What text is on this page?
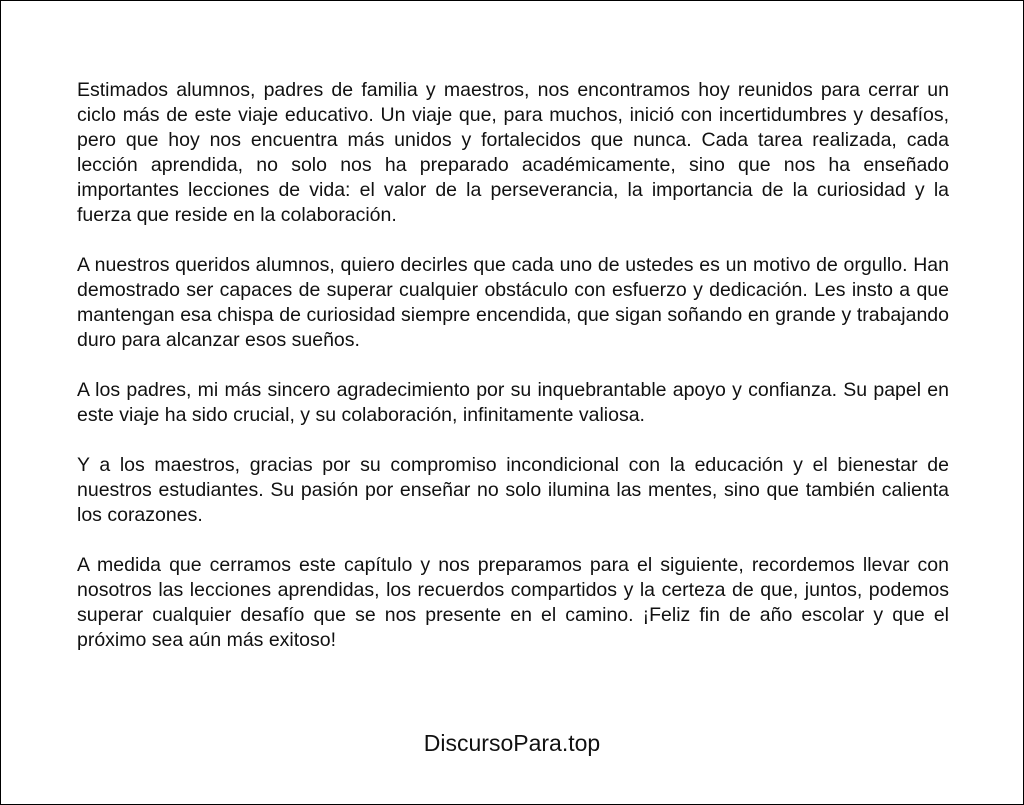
Estimados alumnos, padres de familia y maestros, nos encontramos hoy reunidos para cerrar un ciclo más de este viaje educativo. Un viaje que, para muchos, inició con incertidumbres y desafíos, pero que hoy nos encuentra más unidos y fortalecidos que nunca. Cada tarea realizada, cada lección aprendida, no solo nos ha preparado académicamente, sino que nos ha enseñado importantes lecciones de vida: el valor de la perseverancia, la importancia de la curiosidad y la fuerza que reside en la colaboración.

A nuestros queridos alumnos, quiero decirles que cada uno de ustedes es un motivo de orgullo. Han demostrado ser capaces de superar cualquier obstáculo con esfuerzo y dedicación. Les insto a que mantengan esa chispa de curiosidad siempre encendida, que sigan soñando en grande y trabajando duro para alcanzar esos sueños.

A los padres, mi más sincero agradecimiento por su inquebrantable apoyo y confianza. Su papel en este viaje ha sido crucial, y su colaboración, infinitamente valiosa.

Y a los maestros, gracias por su compromiso incondicional con la educación y el bienestar de nuestros estudiantes. Su pasión por enseñar no solo ilumina las mentes, sino que también calienta los corazones.

A medida que cerramos este capítulo y nos preparamos para el siguiente, recordemos llevar con nosotros las lecciones aprendidas, los recuerdos compartidos y la certeza de que, juntos, podemos superar cualquier desafío que se nos presente en el camino. ¡Feliz fin de año escolar y que el próximo sea aún más exitoso!

DiscursoPara.top
